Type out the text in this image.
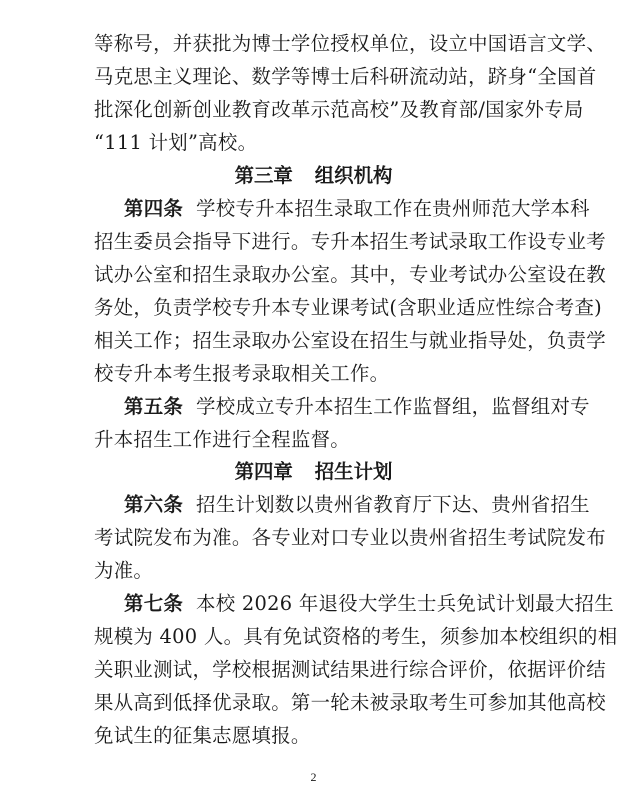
等称号，并获批为博士学位授权单位，设立中国语言文学、
马克思主义理论、数学等博士后科研流动站，跻身“全国首
批深化创新创业教育改革示范高校”及教育部/国家外专局
“111 计划”高校。
第三章 组织机构
第四条 学校专升本招生录取工作在贵州师范大学本科
招生委员会指导下进行。专升本招生考试录取工作设专业考
试办公室和招生录取办公室。其中，专业考试办公室设在教
务处，负责学校专升本专业课考试(含职业适应性综合考查)
相关工作；招生录取办公室设在招生与就业指导处，负责学
校专升本考生报考录取相关工作。
第五条 学校成立专升本招生工作监督组，监督组对专
升本招生工作进行全程监督。
第四章 招生计划
第六条 招生计划数以贵州省教育厅下达、贵州省招生
考试院发布为准。各专业对口专业以贵州省招生考试院发布
为准。
第七条 本校 2026 年退役大学生士兵免试计划最大招生
规模为 400 人。具有免试资格的考生，须参加本校组织的相
关职业测试，学校根据测试结果进行综合评价，依据评价结
果从高到低择优录取。第一轮未被录取考生可参加其他高校
免试生的征集志愿填报。
2
